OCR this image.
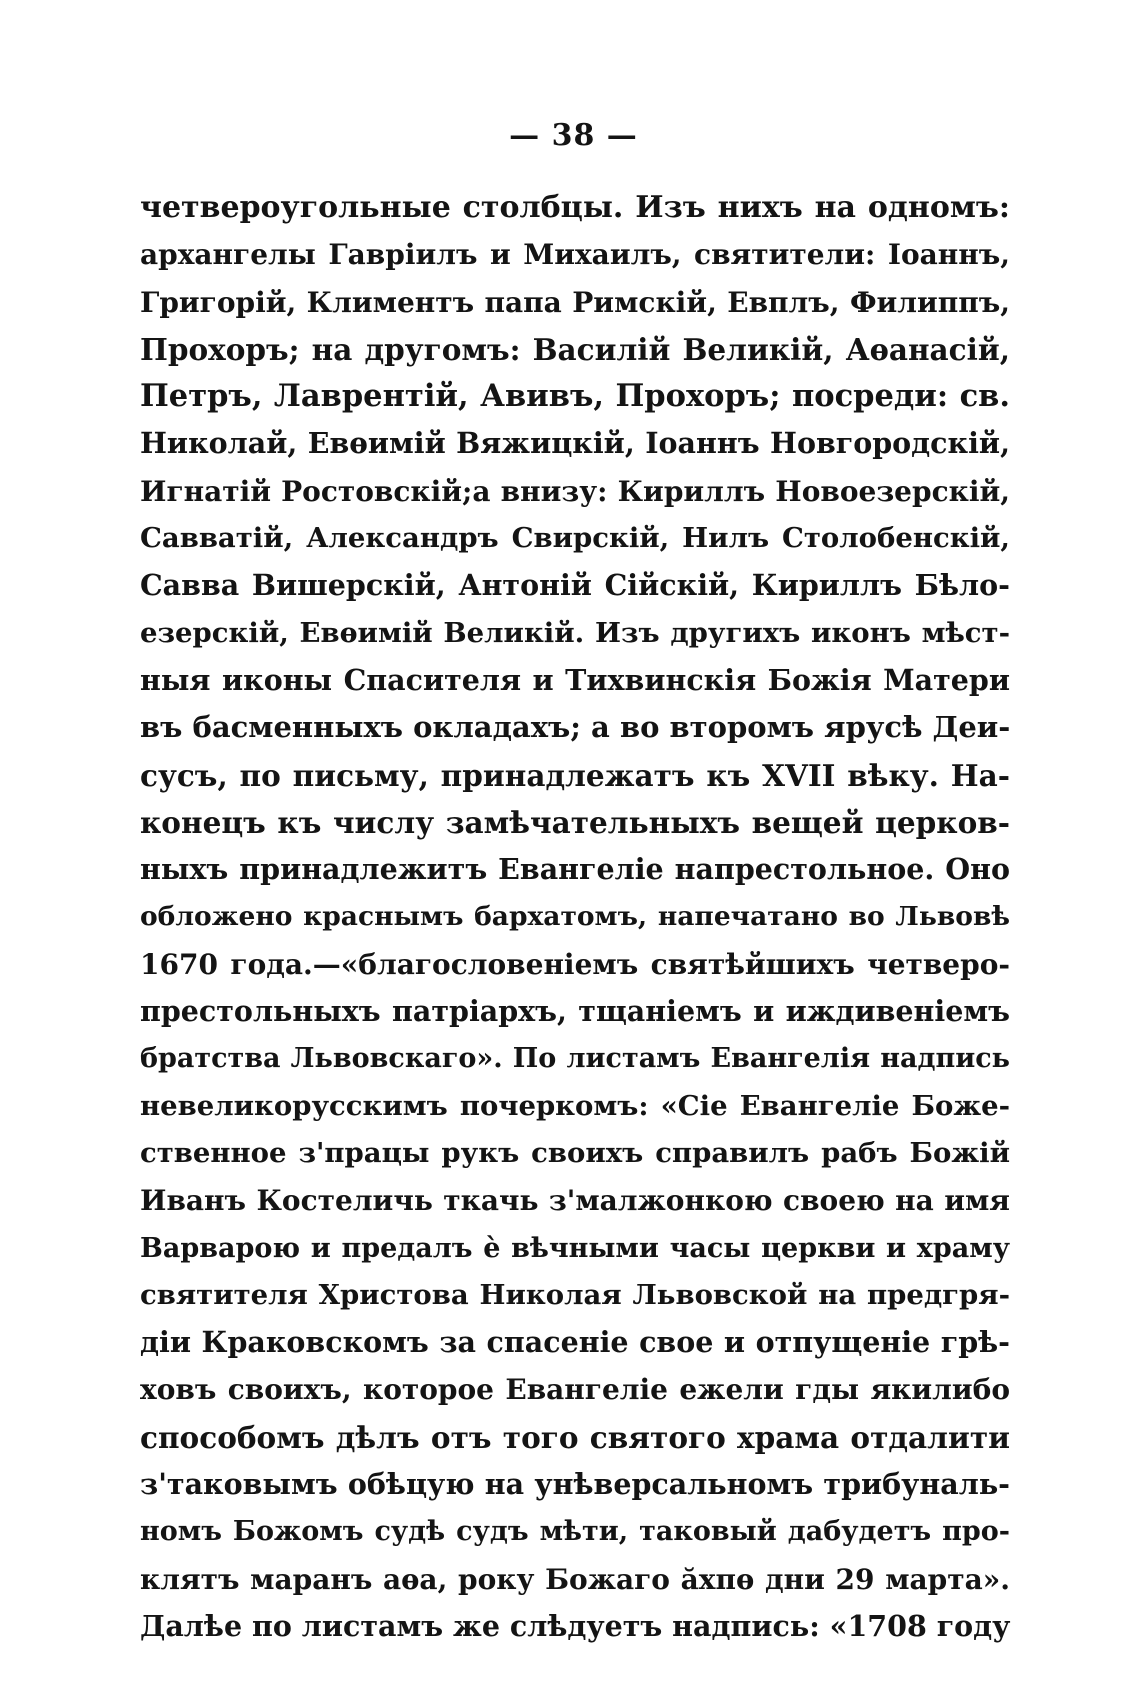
— 38 —
четвероугольные столбцы. Изъ нихъ на одномъ:
архангелы Гаврiилъ и Михаилъ, святители: Iоаннъ,
Григорiй, Климентъ папа Римскiй, Евплъ, Филиппъ,
Прохоръ; на другомъ: Василiй Великiй, Аѳанасiй,
Петръ, Лаврентiй, Авивъ, Прохоръ; посреди: св.
Николай, Евѳимiй Вяжицкiй, Iоаннъ Новгородскiй,
Игнатiй Ростовскiй;а внизу: Кириллъ Новоезерскiй,
Савватiй, Александръ Свирскiй, Нилъ Столобенскiй,
Савва Вишерскiй, Антонiй Сiйскiй, Кириллъ Бѣло-
езерскiй, Евѳимiй Великiй. Изъ другихъ иконъ мѣст-
ныя иконы Спасителя и Тихвинскiя Божiя Матери
въ басменныхъ окладахъ; а во второмъ ярусѣ Деи-
сусъ, по письму, принадлежатъ къ XVII вѣку. На-
конецъ къ числу замѣчательныхъ вещей церков-
ныхъ принадлежитъ Евангелiе напрестольное. Оно
обложено краснымъ бархатомъ, напечатано во Львовѣ
1670 года.—«благословенiемъ святѣйшихъ четверо-
престольныхъ патрiархъ, тщанiемъ и иждивенiемъ
братства Львовскаго». По листамъ Евангелiя надпись
невеликорусскимъ почеркомъ: «Сiе Евангелiе Боже-
ственное з'працы рукъ своихъ справилъ рабъ Божiй
Иванъ Костеличь ткачь з'малжонкою своею на имя
Варварою и предалъ ѐ вѣчными часы церкви и храму
святителя Христова Николая Львовской на предгря-
дiи Краковскомъ за спасенiе свое и отпущенiе грѣ-
ховъ своихъ, которое Евангелiе ежели гды якилибо
способомъ дѣлъ отъ того святого храма отдалити
з'таковымъ обѣцую на унѣверсальномъ трибуналь-
номъ Божомъ судѣ судъ мѣти, таковый дабудетъ про-
клятъ маранъ аѳа, року Божаго ӑхпѳ дни 29 марта».
Далѣе по листамъ же слѣдуетъ надпись: «1708 году
